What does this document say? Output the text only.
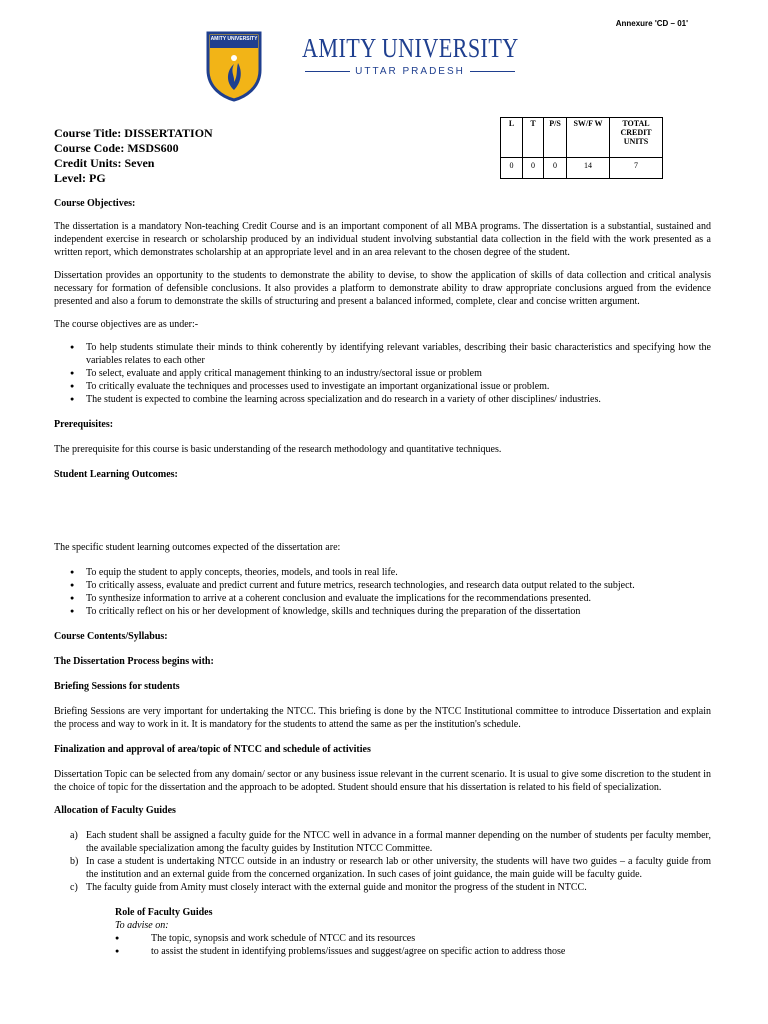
Annexure 'CD – 01'
AMITY UNIVERSITY AMITY UNIVERSITY
UTTAR PRADESH
Course Title: DISSERTATION
Course Code: MSDS600
Credit Units: Seven
Level: PG
L	T	P/S	SW/F W	TOTAL CREDIT UNITS
0	0	0	14	7

Course Objectives:

The dissertation is a mandatory Non-teaching Credit Course and is an important component of all MBA programs. The dissertation is a substantial, sustained and independent exercise in research or scholarship produced by an individual student involving substantial data collection in the field with the work presented as a written report, which demonstrates scholarship at an appropriate level and in an area relevant to the chosen degree of the student.

Dissertation provides an opportunity to the students to demonstrate the ability to devise, to show the application of skills of data collection and critical analysis necessary for formation of defensible conclusions. It also provides a platform to demonstrate ability to draw appropriate conclusions argued from the evidence presented and also a forum to demonstrate the skills of structuring and present a balanced informed, complete, clear and concise written argument.

The course objectives are as under:-

● To help students stimulate their minds to think coherently by identifying relevant variables, describing their basic characteristics and specifying how the variables relates to each other
● To select, evaluate and apply critical management thinking to an industry/sectoral issue or problem
● To critically evaluate the techniques and processes used to investigate an important organizational issue or problem.
● The student is expected to combine the learning across specialization and do research in a variety of other disciplines/ industries.

Prerequisites:

The prerequisite for this course is basic understanding of the research methodology and quantitative techniques.

Student Learning Outcomes:

The specific student learning outcomes expected of the dissertation are:

● To equip the student to apply concepts, theories, models, and tools in real life.
● To critically assess, evaluate and predict current and future metrics, research technologies, and research data output related to the subject.
● To synthesize information to arrive at a coherent conclusion and evaluate the implications for the recommendations presented.
● To critically reflect on his or her development of knowledge, skills and techniques during the preparation of the dissertation

Course Contents/Syllabus:

The Dissertation Process begins with:

Briefing Sessions for students

Briefing Sessions are very important for undertaking the NTCC. This briefing is done by the NTCC Institutional committee to introduce Dissertation and explain the process and way to work in it. It is mandatory for the students to attend the same as per the institution's schedule.

Finalization and approval of area/topic of NTCC and schedule of activities

Dissertation Topic can be selected from any domain/ sector or any business issue relevant in the current scenario. It is usual to give some discretion to the student in the choice of topic for the dissertation and the approach to be adopted. Student should ensure that his dissertation is related to his field of specialization.

Allocation of Faculty Guides

a) Each student shall be assigned a faculty guide for the NTCC well in advance in a formal manner depending on the number of students per faculty member, the available specialization among the faculty guides by Institution NTCC Committee.
b) In case a student is undertaking NTCC outside in an industry or research lab or other university, the students will have two guides – a faculty guide from the institution and an external guide from the concerned organization. In such cases of joint guidance, the main guide will be faculty guide.
c) The faculty guide from Amity must closely interact with the external guide and monitor the progress of the student in NTCC.

Role of Faculty Guides

To advise on:

● The topic, synopsis and work schedule of NTCC and its resources
● to assist the student in identifying problems/issues and suggest/agree on specific action to address those
